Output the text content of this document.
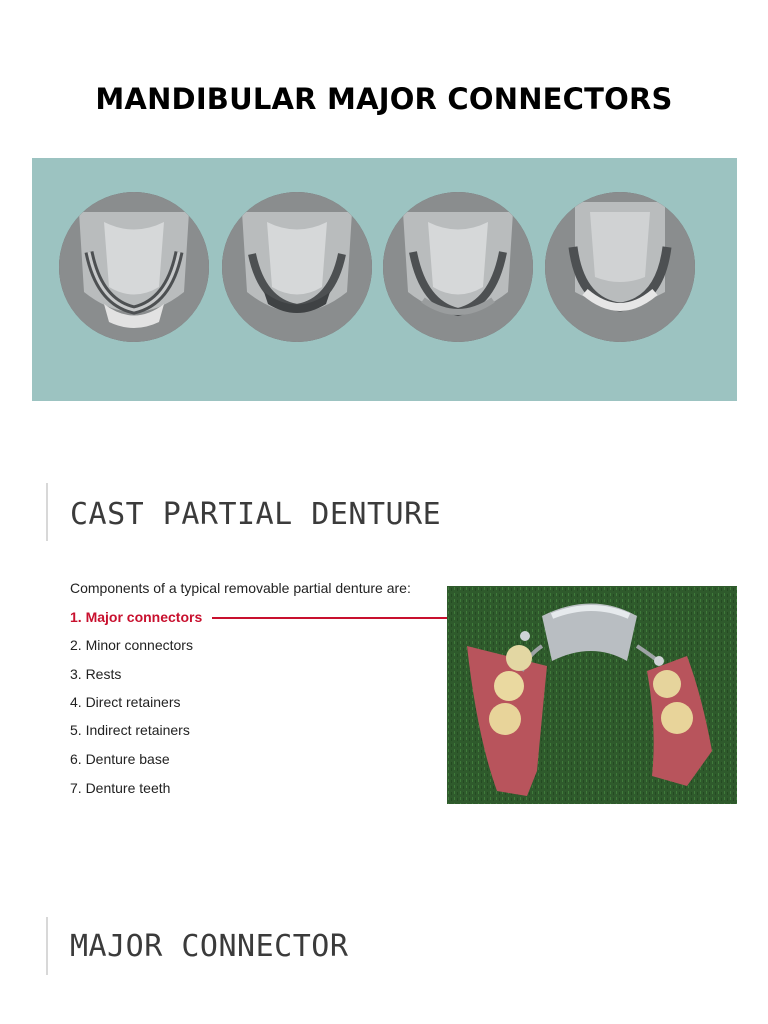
MANDIBULAR MAJOR CONNECTORS
CAST PARTIAL DENTURE
Components of a typical removable partial denture are:
1. Major connectors
2. Minor connectors
3. Rests
4. Direct retainers
5. Indirect retainers
6. Denture base
7. Denture teeth
MAJOR CONNECTOR
